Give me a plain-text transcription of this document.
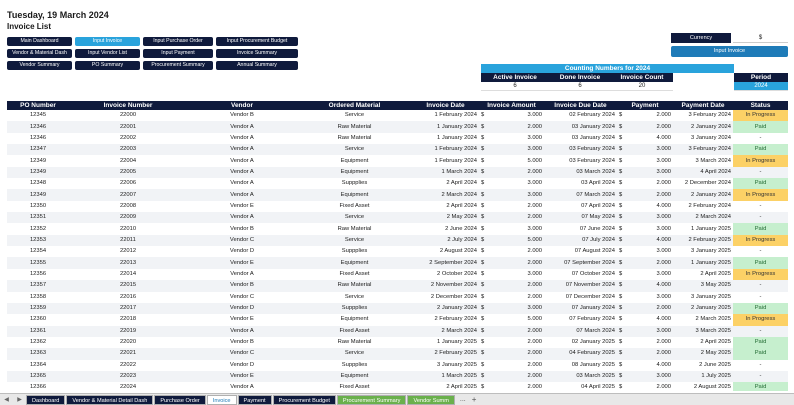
Tuesday, 19 March 2024
Invoice List
Main Dashboard	Input Invoice	Input Purchase Order	Input Procurement Budget
Vendor & Material Dash	Input Vendor List	Input Payment	Invoice Summary
Vendor Summary	PO Summary	Procurement Summary	Annual Summary
Currency	$
Input Invoice
Counting Numbers for 2024
Active Invoice	Done Invoice	Invoice Count	Period
6	6	20	2024
PO Number	Invoice Number	Vendor	Ordered Material	Invoice Date	Invoice Amount	Invoice Due Date	Payment	Payment Date	Status
12345	22000	Vendor B	Service	1 February 2024	$ 3.000	02 February 2024	$ 2.000	3 February 2024	In Progress
12346	22001	Vendor A	Raw Material	1 January 2024	$ 2.000	03 January 2024	$ 2.000	2 January 2024	Paid
12346	22002	Vendor A	Raw Material	1 January 2024	$ 3.000	03 January 2024	$ 4.000	3 January 2024	-
12347	22003	Vendor A	Service	1 February 2024	$ 3.000	03 February 2024	$ 3.000	3 February 2024	Paid
12349	22004	Vendor A	Equipment	1 February 2024	$ 5.000	03 February 2024	$ 3.000	3 March 2024	In Progress
12349	22005	Vendor A	Equipment	1 March 2024	$ 2.000	03 March 2024	$ 3.000	4 April 2024	-
12348	22006	Vendor A	Suppplies	2 April 2024	$ 3.000	03 April 2024	$ 2.000	2 December 2024	Paid
12349	22007	Vendor A	Equipment	2 March 2024	$ 3.000	07 March 2024	$ 2.000	2 January 2024	In Progress
12350	22008	Vendor E	Fixed Asset	2 April 2024	$ 2.000	07 April 2024	$ 4.000	2 February 2024	-
12351	22009	Vendor A	Service	2 May 2024	$ 2.000	07 May 2024	$ 3.000	2 March 2024	-
12352	22010	Vendor B	Raw Material	2 June 2024	$ 3.000	07 June 2024	$ 3.000	1 January 2025	Paid
12353	22011	Vendor C	Service	2 July 2024	$ 5.000	07 July 2024	$ 4.000	2 February 2025	In Progress
12354	22012	Vendor D	Suppplies	2 August 2024	$ 2.000	07 August 2024	$ 3.000	3 January 2025	-
12355	22013	Vendor E	Equipment	2 September 2024	$ 2.000	07 September 2024	$ 2.000	1 January 2025	Paid
12356	22014	Vendor A	Fixed Asset	2 October 2024	$ 3.000	07 October 2024	$ 3.000	2 April 2025	In Progress
12357	22015	Vendor B	Raw Material	2 November 2024	$ 2.000	07 November 2024	$ 4.000	3 May 2025	-
12358	22016	Vendor C	Service	2 December 2024	$ 2.000	07 December 2024	$ 3.000	3 January 2025	-
12359	22017	Vendor D	Suppplies	2 January 2024	$ 3.000	07 January 2024	$ 2.000	2 January 2025	Paid
12360	22018	Vendor E	Equipment	2 February 2024	$ 5.000	07 February 2024	$ 4.000	2 March 2025	In Progress
12361	22019	Vendor A	Fixed Asset	2 March 2024	$ 2.000	07 March 2024	$ 3.000	3 March 2025	-
12362	22020	Vendor B	Raw Material	1 January 2025	$ 2.000	02 January 2025	$ 2.000	2 April 2025	Paid
12363	22021	Vendor C	Service	2 February 2025	$ 2.000	04 February 2025	$ 2.000	2 May 2025	Paid
12364	22022	Vendor D	Suppplies	3 January 2025	$ 2.000	08 January 2025	$ 4.000	2 June 2025	-
12365	22023	Vendor E	Equipment	1 March 2025	$ 2.000	03 March 2025	$ 3.000	1 July 2025	-
12366	22024	Vendor A	Fixed Asset	2 April 2025	$ 2.000	04 April 2025	$ 2.000	2 August 2025	Paid
◀ ▶	Dashboard	Vendor & Material Detail Dash	Purchase Order	Invoice	Payment	Procurement Budget	Procurement Summary	Vendor Summ	... +
